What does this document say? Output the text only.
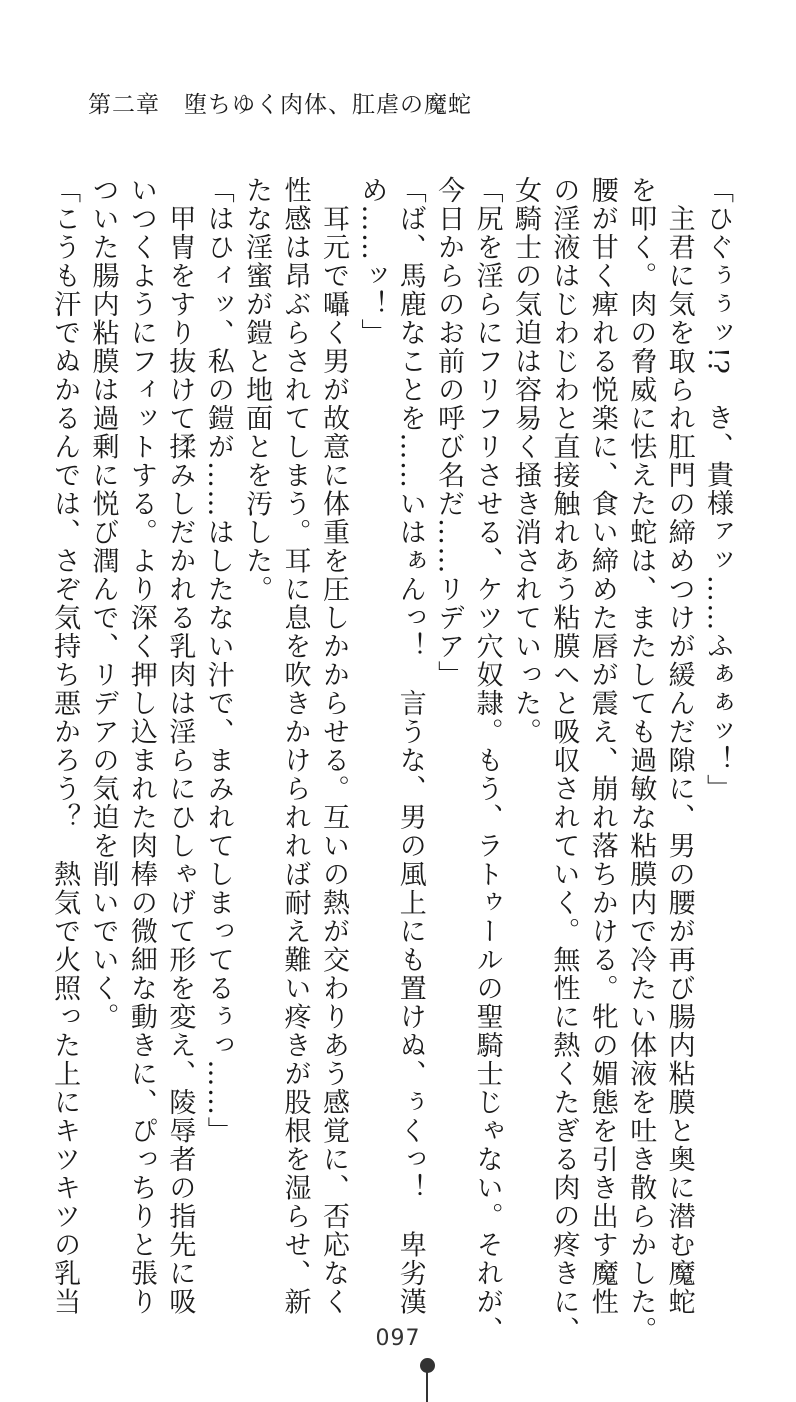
第二章　堕ちゆく肉体、肛虐の魔蛇
「ひぐぅぅッ!?　き、貴様ァッ……ふぁぁッ！」
　主君に気を取られ肛門の締めつけが緩んだ隙に、男の腰が再び腸内粘膜と奥に潜む魔蛇
を叩く。肉の脅威に怯えた蛇は、またしても過敏な粘膜内で冷たい体液を吐き散らかした。
腰が甘く痺れる悦楽に、食い締めた唇が震え、崩れ落ちかける。牝の媚態を引き出す魔性
の淫液はじわじわと直接触れあう粘膜へと吸収されていく。無性に熱くたぎる肉の疼きに、
女騎士の気迫は容易く掻き消されていった。
「尻を淫らにフリフリさせる、ケツ穴奴隷。もう、ラトゥールの聖騎士じゃない。それが、
今日からのお前の呼び名だ……リデア」
「ば、馬鹿なことを……いはぁんっ！　言うな、男の風上にも置けぬ、ぅくっ！　卑劣漢
め……ッ！」
　耳元で囁く男が故意に体重を圧しかからせる。互いの熱が交わりあう感覚に、否応なく
性感は昂ぶらされてしまう。耳に息を吹きかけられれば耐え難い疼きが股根を湿らせ、新
たな淫蜜が鎧と地面とを汚した。
「はひィッ、私の鎧が……はしたない汁で、まみれてしまってるぅっ……」
　甲冑をすり抜けて揉みしだかれる乳肉は淫らにひしゃげて形を変え、陵辱者の指先に吸
いつくようにフィットする。より深く押し込まれた肉棒の微細な動きに、ぴっちりと張り
ついた腸内粘膜は過剰に悦び潤んで、リデアの気迫を削いでいく。
「こうも汗でぬかるんでは、さぞ気持ち悪かろう？　熱気で火照った上にキツキツの乳当
097
